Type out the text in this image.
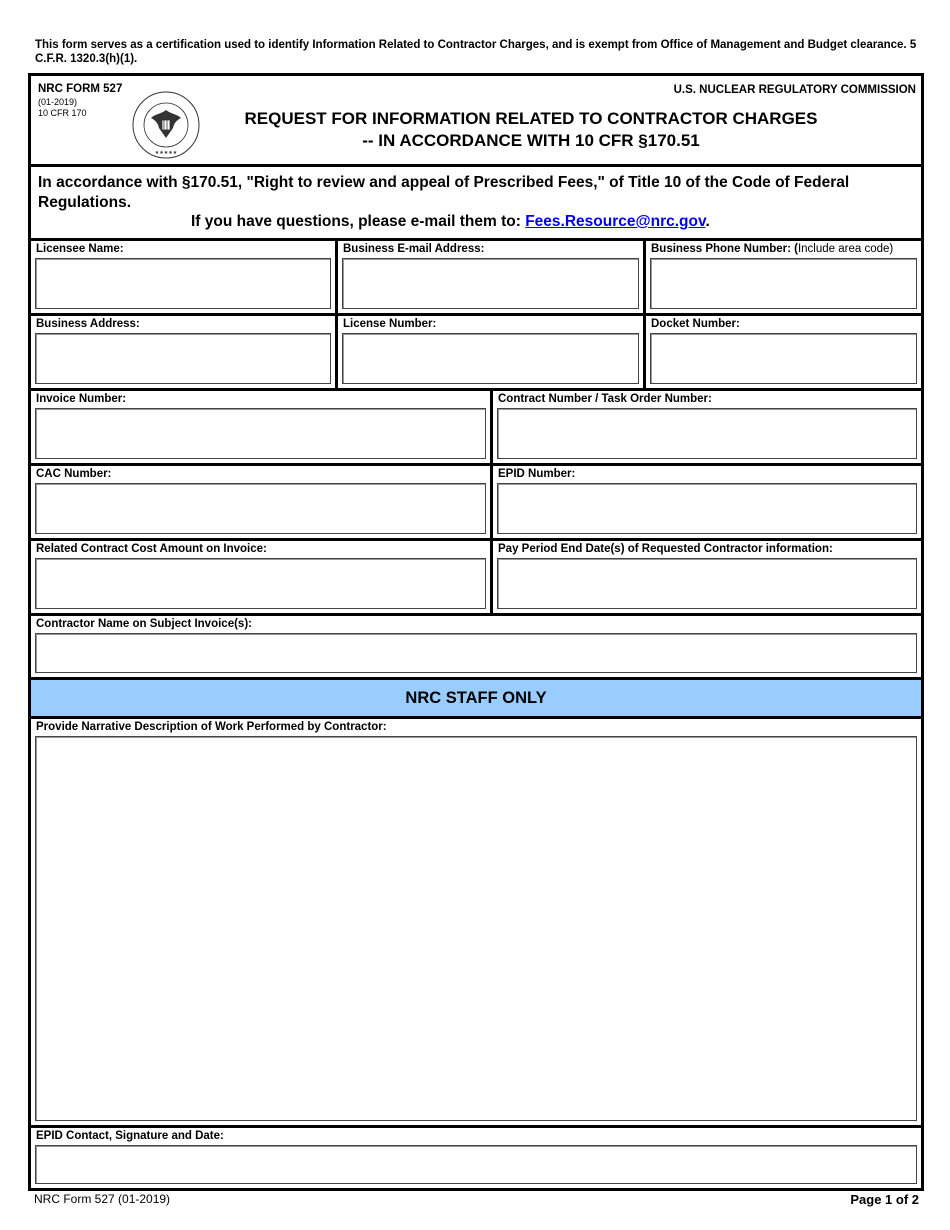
This form serves as a certification used to identify Information Related to Contractor Charges, and is exempt from Office of Management and Budget clearance. 5 C.F.R. 1320.3(h)(1).
NRC FORM 527
(01-2019)
10 CFR 170
★★★★★
U.S. NUCLEAR REGULATORY COMMISSION
REQUEST FOR INFORMATION RELATED TO CONTRACTOR CHARGES
-- IN ACCORDANCE WITH 10 CFR §170.51
In accordance with §170.51, "Right to review and appeal of Prescribed Fees," of Title 10 of the Code of Federal Regulations.
If you have questions, please e-mail them to: Fees.Resource@nrc.gov.
Licensee Name:	Business E-mail Address:	Business Phone Number: (Include area code)
Business Address:	License Number:	Docket Number:
Invoice Number:	Contract Number / Task Order Number:
CAC Number:	EPID Number:
Related Contract Cost Amount on Invoice:	Pay Period End Date(s) of Requested Contractor information:
Contractor Name on Subject Invoice(s):
NRC STAFF ONLY
Provide Narrative Description of Work Performed by Contractor:
EPID Contact, Signature and Date:
NRC Form 527 (01-2019)	Page 1 of 2
